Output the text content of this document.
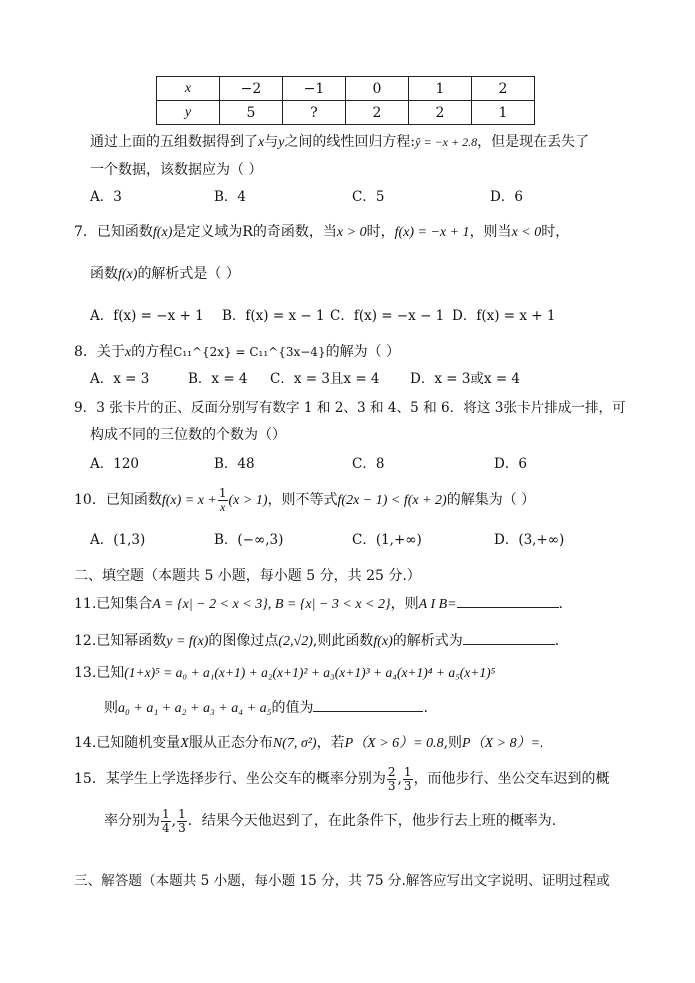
x	−2	−1	0	1	2
y	5	?	2	2	1
通过上面的五组数据得到了x与y之间的线性回归方程:ŷ = −x + 2.8，但是现在丢失了
一个数据，该数据应为（ ）
A．3	B．4	C．5	D．6
7．已知函数f(x)是定义域为R的奇函数，当x > 0时，f(x) = −x + 1，则当x < 0时，
函数f(x)的解析式是（ ）
A．f(x) = −x + 1 B．f(x) = x − 1 C．f(x) = −x − 1 D．f(x) = x + 1
8．关于x的方程C₁₁^{2x} = C₁₁^{3x−4}的解为（ ）
A．x = 3	B．x = 4 C．x = 3且x = 4 D．x = 3或x = 4
9．3 张卡片的正、反面分别写有数字 1 和 2、3 和 4、5 和 6．将这 3张卡片排成一排，可
构成不同的三位数的个数为（）
A．120	B．48	C．8	D．6
10．已知函数$f(x) = x + \frac{1}{x} (x > 1)$，则不等式f(2x − 1) < f(x + 2)的解集为（ ）
A．(1,3)	B．(−∞,3)	C．(1,+∞)	D．(3,+∞)
二、填空题（本题共 5 小题，每小题 5 分，共 25 分.）
11.已知集合A = {x| − 2 < x < 3}, B = {x| − 3 < x < 2}，则A I B=	.
12.已知幂函数y = f(x)的图像过点(2,√2),则此函数f(x)的解析式为	.
13.已知(1+x)⁵ = a₀ + a₁(x+1) + a₂(x+1)² + a₃(x+1)³ + a₄(x+1)⁴ + a₅(x+1)⁵
则a₀ + a₁ + a₂ + a₃ + a₄ + a₅的值为	.
14.已知随机变量X服从正态分布N(7, σ²)，若P（X > 6）= 0.8,则P（X > 8）=.
15．某学生上学选择步行、坐公交车的概率分别为 $\frac{2}{3}$ , $\frac{1}{3}$ ，而他步行、坐公交车迟到的概
率分别为 $\frac{1}{4}$ , $\frac{1}{3}$ ．结果今天他迟到了，在此条件下，他步行去上班的概率为.
三、解答题（本题共 5 小题，每小题 15 分，共 75 分.解答应写出文字说明、证明过程或
